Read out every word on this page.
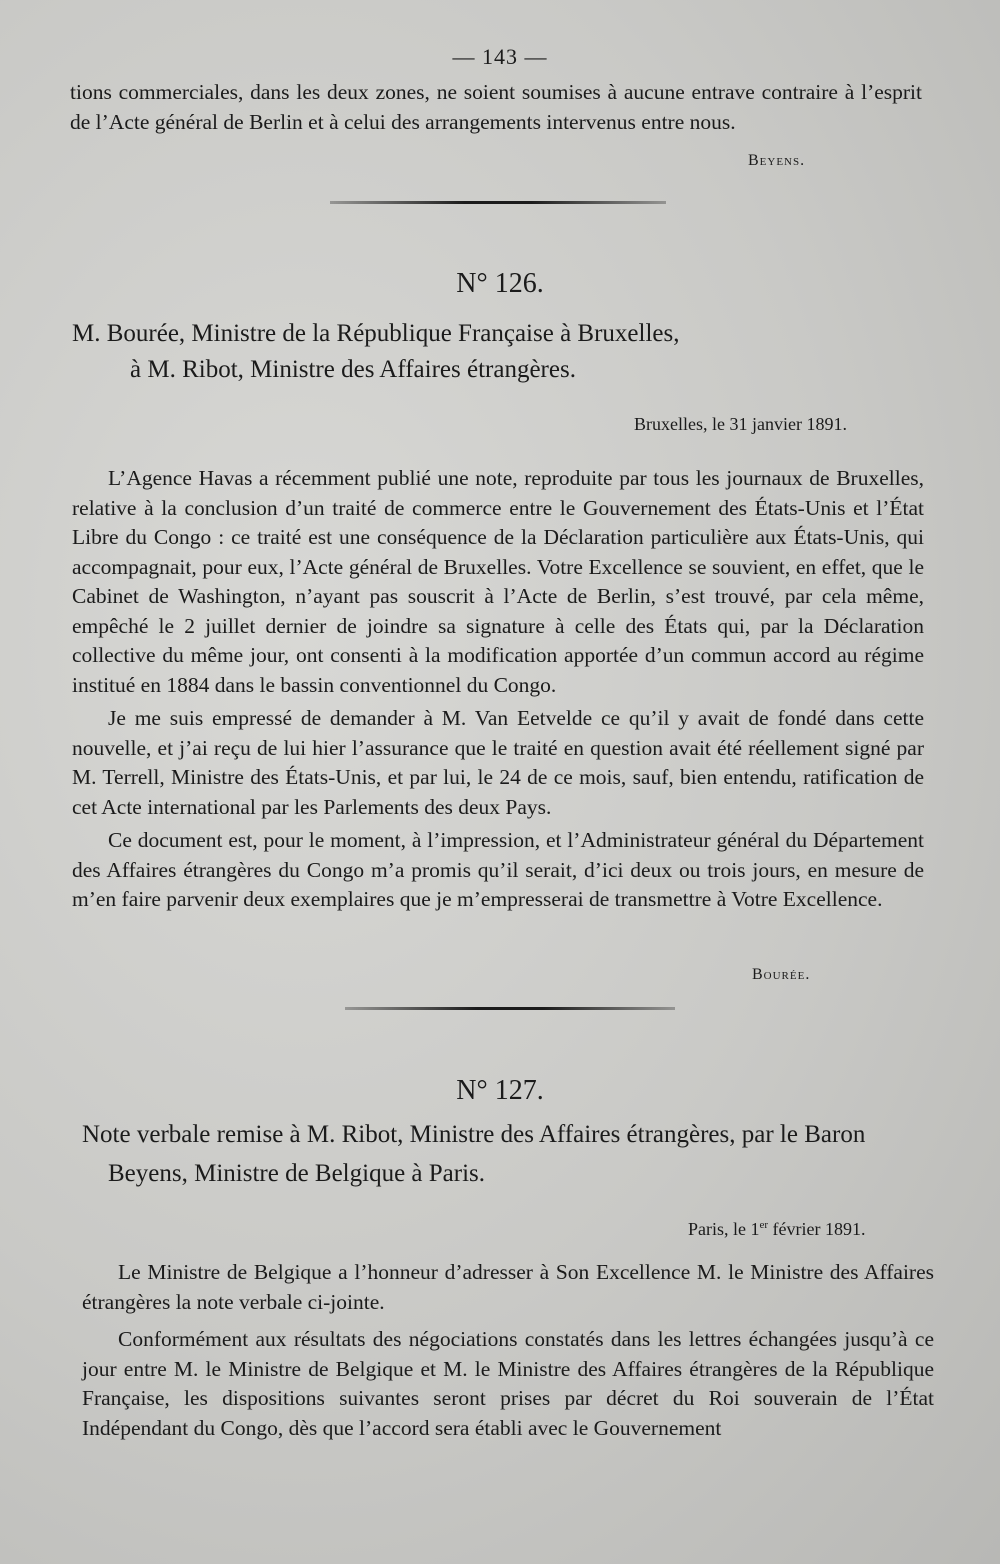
— 143 —
tions commerciales, dans les deux zones, ne soient soumises à aucune entrave contraire à l’esprit de l’Acte général de Berlin et à celui des arrangements intervenus entre nous.
Beyens.
N° 126.
M. Bourée, Ministre de la République Française à Bruxelles,
à M. Ribot, Ministre des Affaires étrangères.
Bruxelles, le 31 janvier 1891.

L’Agence Havas a récemment publié une note, reproduite par tous les journaux de Bruxelles, relative à la conclusion d’un traité de commerce entre le Gouvernement des États-Unis et l’État Libre du Congo : ce traité est une conséquence de la Déclaration particulière aux États-Unis, qui accompagnait, pour eux, l’Acte général de Bruxelles. Votre Excellence se souvient, en effet, que le Cabinet de Washington, n’ayant pas souscrit à l’Acte de Berlin, s’est trouvé, par cela même, empêché le 2 juillet dernier de joindre sa signature à celle des États qui, par la Déclaration collective du même jour, ont consenti à la modification apportée d’un commun accord au régime institué en 1884 dans le bassin conventionnel du Congo.

Je me suis empressé de demander à M. Van Eetvelde ce qu’il y avait de fondé dans cette nouvelle, et j’ai reçu de lui hier l’assurance que le traité en question avait été réellement signé par M. Terrell, Ministre des États-Unis, et par lui, le 24 de ce mois, sauf, bien entendu, ratification de cet Acte international par les Parlements des deux Pays.

Ce document est, pour le moment, à l’impression, et l’Administrateur général du Département des Affaires étrangères du Congo m’a promis qu’il serait, d’ici deux ou trois jours, en mesure de m’en faire parvenir deux exemplaires que je m’empresserai de transmettre à Votre Excellence.

Bourée.
N° 127.
Note verbale remise à M. Ribot, Ministre des Affaires étrangères, par le Baron
Beyens, Ministre de Belgique à Paris.
Paris, le 1er février 1891.

Le Ministre de Belgique a l’honneur d’adresser à Son Excellence M. le Ministre des Affaires étrangères la note verbale ci-jointe.

Conformément aux résultats des négociations constatés dans les lettres échangées jusqu’à ce jour entre M. le Ministre de Belgique et M. le Ministre des Affaires étrangères de la République Française, les dispositions suivantes seront prises par décret du Roi souverain de l’État Indépendant du Congo, dès que l’accord sera établi avec le Gouvernement
